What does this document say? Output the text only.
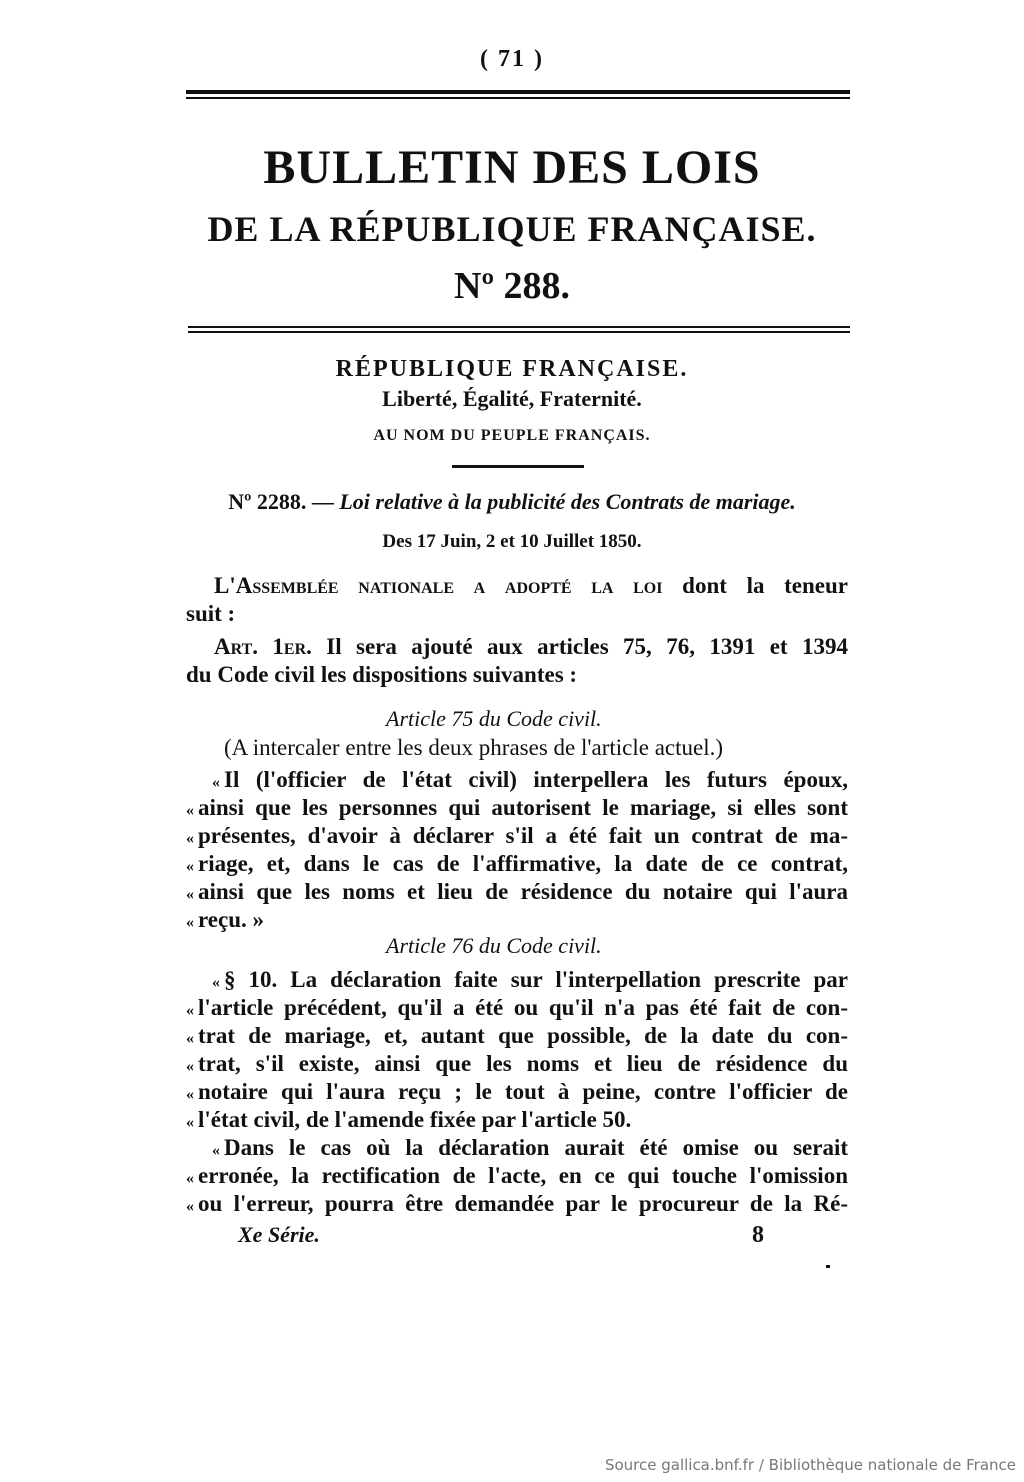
( 71 )
BULLETIN DES LOIS
DE LA RÉPUBLIQUE FRANÇAISE.
Nº 288.
RÉPUBLIQUE FRANÇAISE.
Liberté, Égalité, Fraternité.
AU NOM DU PEUPLE FRANÇAIS.
Nº 2288. — Loi relative à la publicité des Contrats de mariage.
Des 17 Juin, 2 et 10 Juillet 1850.
L'Assemblée nationale a adopté la loi dont la teneur
suit :
Art. 1er. Il sera ajouté aux articles 75, 76, 1391 et 1394
du Code civil les dispositions suivantes :
Article 75 du Code civil.
(A intercaler entre les deux phrases de l'article actuel.)
« Il (l'officier de l'état civil) interpellera les futurs époux,
« ainsi que les personnes qui autorisent le mariage, si elles sont
« présentes, d'avoir à déclarer s'il a été fait un contrat de ma-
« riage, et, dans le cas de l'affirmative, la date de ce contrat,
« ainsi que les noms et lieu de résidence du notaire qui l'aura
« reçu. »
Article 76 du Code civil.
« § 10. La déclaration faite sur l'interpellation prescrite par
« l'article précédent, qu'il a été ou qu'il n'a pas été fait de con-
« trat de mariage, et, autant que possible, de la date du con-
« trat, s'il existe, ainsi que les noms et lieu de résidence du
« notaire qui l'aura reçu ; le tout à peine, contre l'officier de
« l'état civil, de l'amende fixée par l'article 50.
« Dans le cas où la déclaration aurait été omise ou serait
« erronée, la rectification de l'acte, en ce qui touche l'omission
« ou l'erreur, pourra être demandée par le procureur de la Ré-
Xe Série.	8
Source gallica.bnf.fr / Bibliothèque nationale de France
